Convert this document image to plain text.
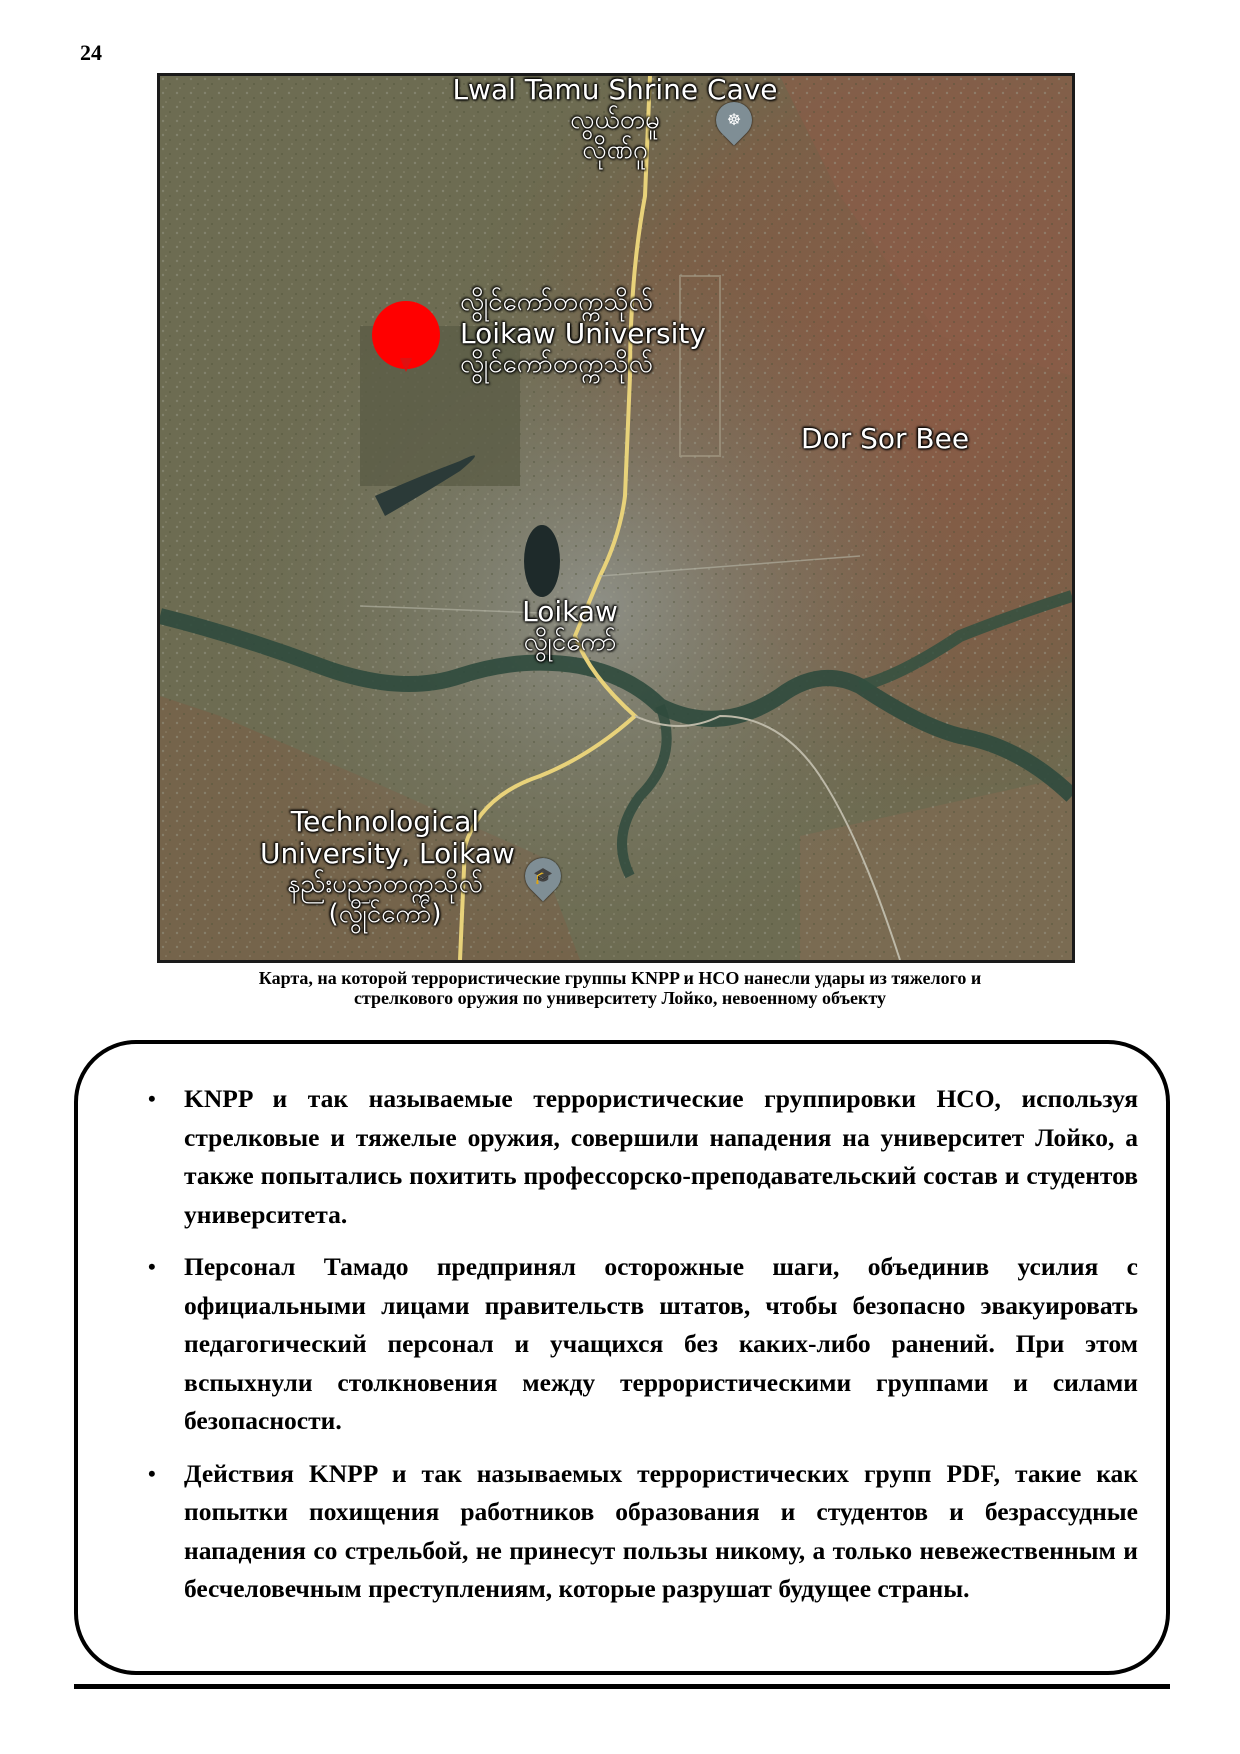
24
Lwal Tamu Shrine Cave
လွယ်တမူ
လိုဏ်ဂူ
☸
လွိုင်ကော်တက္ကသိုလ်
Loikaw University
လွိုင်ကော်တက္ကသိုလ်
Dor Sor Bee
Loikaw
လွိုင်ကော်
Technological
University, Loikaw
နည်းပညာတက္ကသိုလ်
(လွိုင်ကော်)
🎓
Карта, на которой террористические группы KNPP и НСО нанесли удары из тяжелого и
стрелкового оружия по университету Лойко, невоенному объекту
• KNPP и так называемые террористические группировки НСО, используя стрелковые и тяжелые оружия, совершили нападения на университет Лойко, а также попытались похитить профессорско-преподавательский состав и студентов университета.
• Персонал Тамадо предпринял осторожные шаги, объединив усилия с официальными лицами правительств штатов, чтобы безопасно эвакуировать педагогический персонал и учащихся без каких-либо ранений. При этом вспыхнули столкновения между террористическими группами и силами безопасности.
• Действия KNPP и так называемых террористических групп PDF, такие как попытки похищения работников образования и студентов и безрассудные нападения со стрельбой, не принесут пользы никому, а только невежественным и бесчеловечным преступлениям, которые разрушат будущее страны.
